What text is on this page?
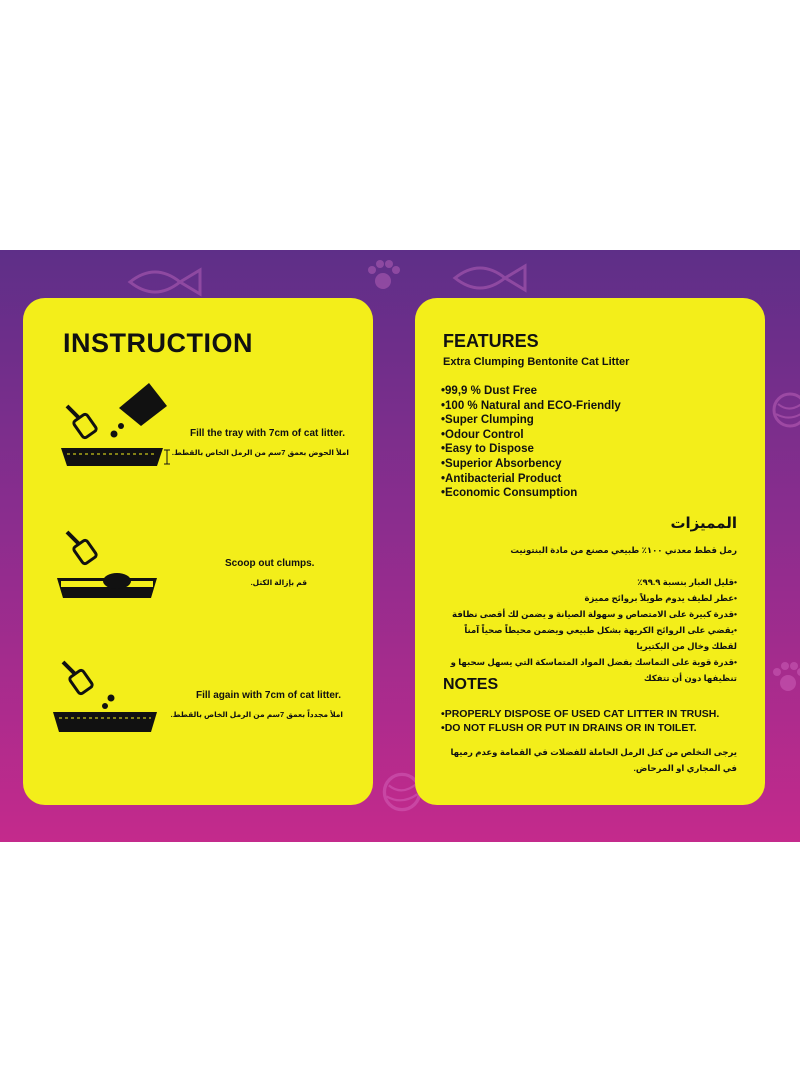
INSTRUCTION
Fill the tray with 7cm of cat litter.
املأ الحوض بعمق 7سم من الرمل الخاص بالقطط.
Scoop out clumps.
قم بإزالة الكتل.
Fill again with 7cm of cat litter.
املأ مجدداً بعمق 7سم من الرمل الخاص بالقطط.
FEATURES
Extra Clumping Bentonite Cat Litter
• 99,9 % Dust Free
• 100 % Natural and ECO-Friendly
• Super Clumping
• Odour Control
• Easy to Dispose
• Superior Absorbency
• Antibacterial Product
• Economic Consumption
المميزات
رمل قطط معدني ١٠٠٪ طبيعي مصنع من مادة البنتونيت
• قليل الغبار بنسبة ٩٩.٩٪
• عطر لطيف يدوم طويلاً بروائح مميزة
• قدرة كبيرة على الامتصاص و سهولة الصيانة و يضمن لك أقصى نظافة
• يقضي على الروائح الكريهة بشكل طبيعي ويضمن محيطاً صحياً آمناً لقطك وخال من البكتيريا
• قدرة قوية على التماسك بفضل المواد المتماسكة التي يسهل سحبها و تنظيفها دون أن تتفكك
NOTES
• PROPERLY DISPOSE OF USED CAT LITTER IN TRUSH.
• DO NOT FLUSH OR PUT IN DRAINS OR IN TOILET.
يرجى التخلص من كتل الرمل الحاملة للفضلات في القمامة وعدم رميها في المجاري او المرحاض.
